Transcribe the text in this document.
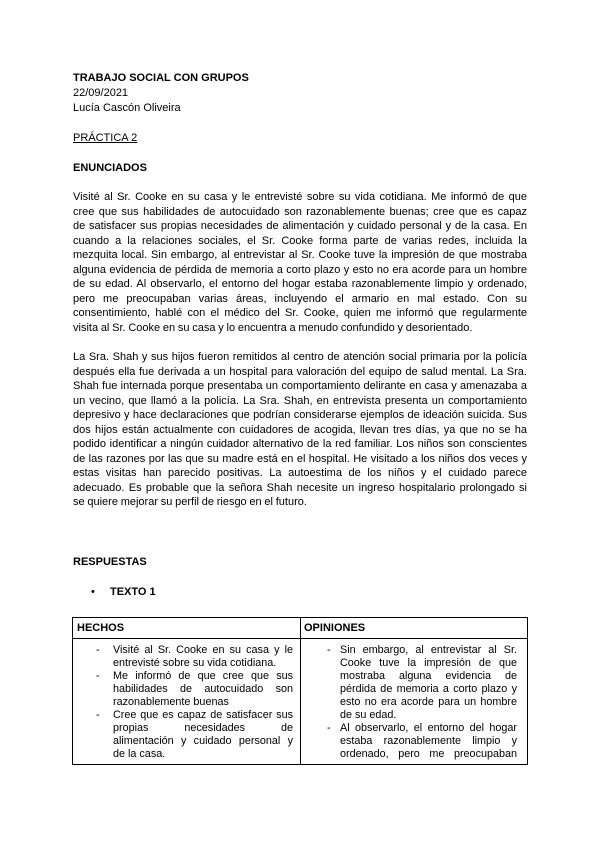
TRABAJO SOCIAL CON GRUPOS
22/09/2021
Lucía Cascón Oliveira
PRÁCTICA 2
ENUNCIADOS
Visité al Sr. Cooke en su casa y le entrevisté sobre su vida cotidiana. Me informó de que
cree que sus habilidades de autocuidado son razonablemente buenas; cree que es capaz
de satisfacer sus propias necesidades de alimentación y cuidado personal y de la casa. En
cuando a la relaciones sociales, el Sr. Cooke forma parte de varias redes, incluida la
mezquita local. Sin embargo, al entrevistar al Sr. Cooke tuve la impresión de que mostraba
alguna evidencia de pérdida de memoria a corto plazo y esto no era acorde para un hombre
de su edad. Al observarlo, el entorno del hogar estaba razonablemente limpio y ordenado,
pero me preocupaban varias áreas, incluyendo el armario en mal estado. Con su
consentimiento, hablé con el médico del Sr. Cooke, quien me informó que regularmente
visita al Sr. Cooke en su casa y lo encuentra a menudo confundido y desorientado.
La Sra. Shah y sus hijos fueron remitidos al centro de atención social primaria por la policía
después ella fue derivada a un hospital para valoración del equipo de salud mental. La Sra.
Shah fue internada porque presentaba un comportamiento delirante en casa y amenazaba a
un vecino, que llamó a la policía. La Sra. Shah, en entrevista presenta un comportamiento
depresivo y hace declaraciones que podrían considerarse ejemplos de ideación suicida. Sus
dos hijos están actualmente con cuidadores de acogida, llevan tres días, ya que no se ha
podido identificar a ningún cuidador alternativo de la red familiar. Los niños son conscientes
de las razones por las que su madre está en el hospital. He visitado a los niños dos veces y
estas visitas han parecido positivas. La autoestima de los niños y el cuidado parece
adecuado. Es probable que la señora Shah necesite un ingreso hospitalario prolongado si
se quiere mejorar su perfil de riesgo en el futuro.
RESPUESTAS
• TEXTO 1
HECHOS	OPINIONES
- Visité al Sr. Cooke en su casa y le
entrevisté sobre su vida cotidiana.
- Me informó de que cree que sus
habilidades de autocuidado son
razonablemente buenas
- Cree que es capaz de satisfacer sus
propias necesidades de
alimentación y cuidado personal y
de la casa.
- Sin embargo, al entrevistar al Sr.
Cooke tuve la impresión de que
mostraba alguna evidencia de
pérdida de memoria a corto plazo y
esto no era acorde para un hombre
de su edad.
- Al observarlo, el entorno del hogar
estaba razonablemente limpio y
ordenado, pero me preocupaban
